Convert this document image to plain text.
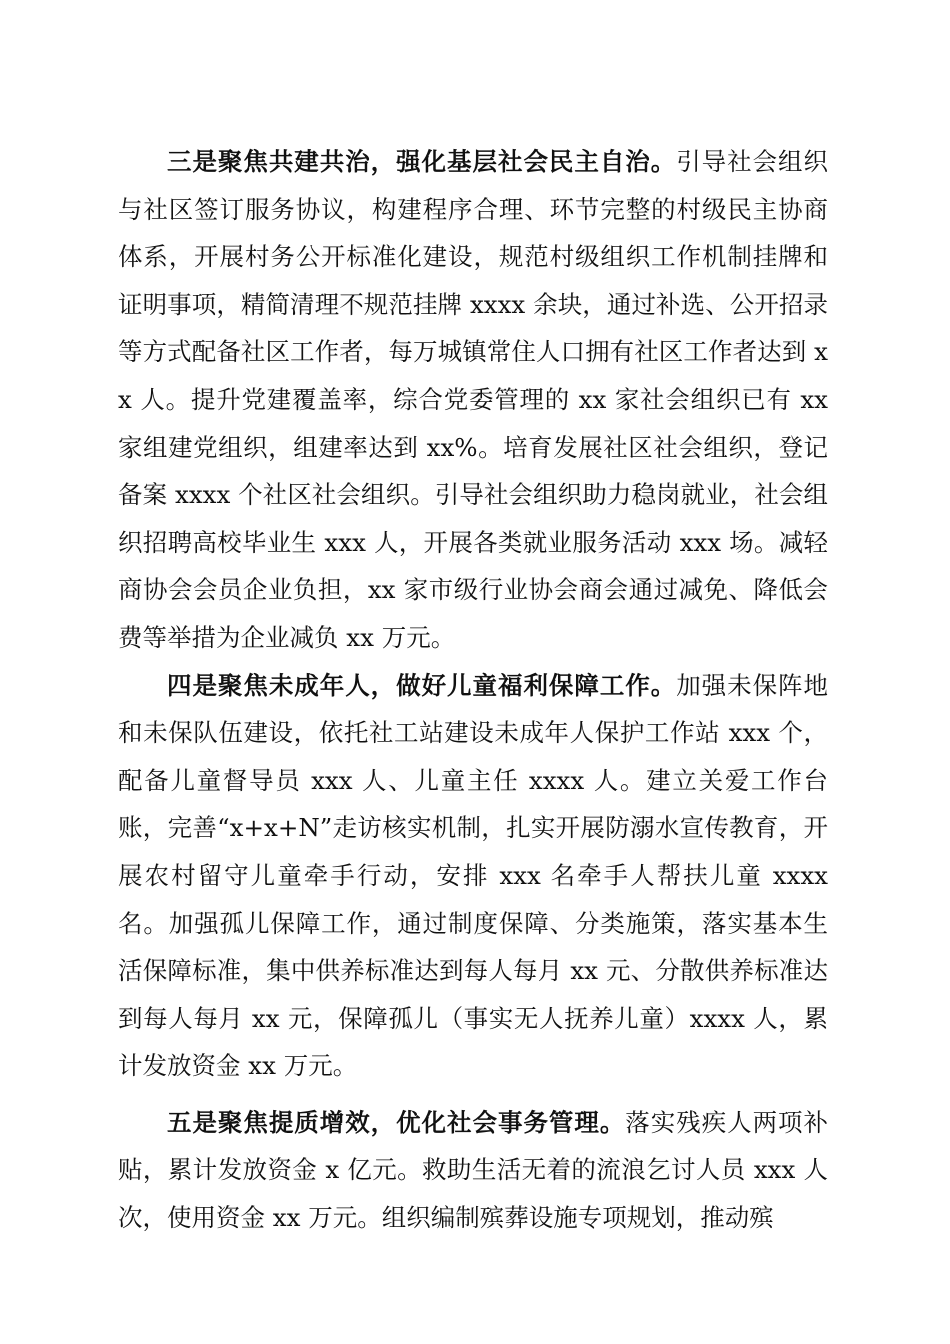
三是聚焦共建共治，强化基层社会民主自治。引导社会组织与社区签订服务协议，构建程序合理、环节完整的村级民主协商体系，开展村务公开标准化建设，规范村级组织工作机制挂牌和证明事项，精简清理不规范挂牌 xxxx 余块，通过补选、公开招录等方式配备社区工作者，每万城镇常住人口拥有社区工作者达到 xx 人。提升党建覆盖率，综合党委管理的 xx 家社会组织已有 xx 家组建党组织，组建率达到 xx%。培育发展社区社会组织，登记备案 xxxx 个社区社会组织。引导社会组织助力稳岗就业，社会组织招聘高校毕业生 xxx 人，开展各类就业服务活动 xxx 场。减轻商协会会员企业负担，xx 家市级行业协会商会通过减免、降低会费等举措为企业减负 xx 万元。

四是聚焦未成年人，做好儿童福利保障工作。加强未保阵地和未保队伍建设，依托社工站建设未成年人保护工作站 xxx 个，配备儿童督导员 xxx 人、儿童主任 xxxx 人。建立关爱工作台账，完善“x+x+N”走访核实机制，扎实开展防溺水宣传教育，开展农村留守儿童牵手行动，安排 xxx 名牵手人帮扶儿童 xxxx 名。加强孤儿保障工作，通过制度保障、分类施策，落实基本生活保障标准，集中供养标准达到每人每月 xx 元、分散供养标准达到每人每月 xx 元，保障孤儿（事实无人抚养儿童）xxxx 人，累计发放资金 xx 万元。

五是聚焦提质增效，优化社会事务管理。落实残疾人两项补贴，累计发放资金 x 亿元。救助生活无着的流浪乞讨人员 xxx 人次，使用资金 xx 万元。组织编制殡葬设施专项规划，推动殡
